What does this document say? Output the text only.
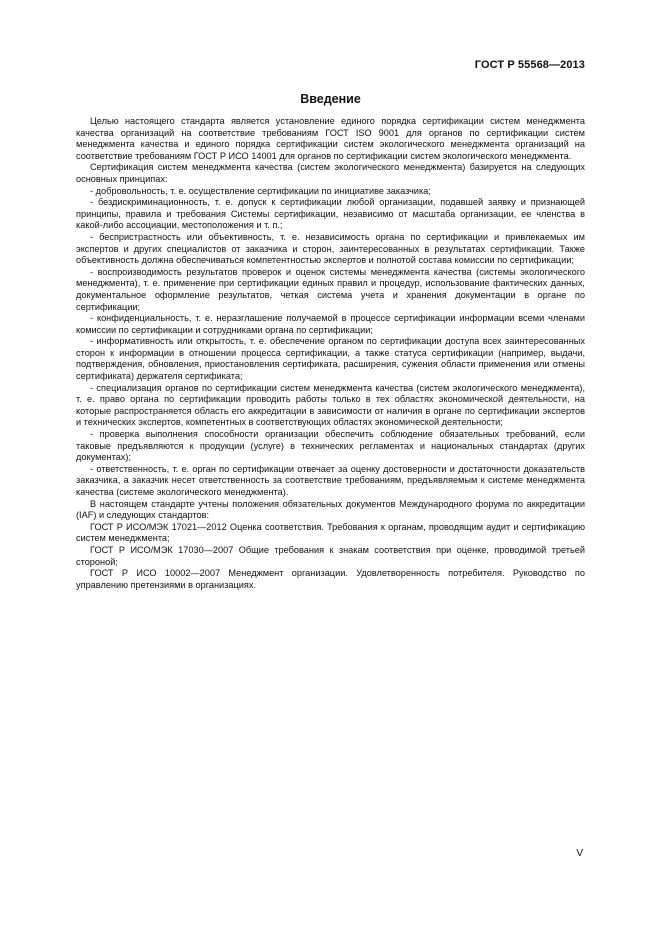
ГОСТ Р 55568—2013
Введение

Целью настоящего стандарта является установление единого порядка сертификации систем менеджмента качества организаций на соответствие требованиям ГОСТ ISO 9001 для органов по сертификации систем менеджмента качества и единого порядка сертификации систем экологического менеджмента организаций на соответствие требованиям ГОСТ Р ИСО 14001 для органов по сертификации систем экологического менеджмента.

Сертификация систем менеджмента качества (систем экологического менеджмента) базируется на следующих основных принципах:

- добровольность, т. е. осуществление сертификации по инициативе заказчика;

- бездискриминационность, т. е. допуск к сертификации любой организации, подавшей заявку и признающей принципы, правила и требования Системы сертификации, независимо от масштаба организации, ее членства в какой-либо ассоциации, местоположения и т. п.;

- беспристрастность или объективность, т. е. независимость органа по сертификации и привлекаемых им экспертов и других специалистов от заказчика и сторон, заинтересованных в результатах сертификации. Также объективность должна обеспечиваться компетентностью экспертов и полнотой состава комиссии по сертификации;

- воспроизводимость результатов проверок и оценок системы менеджмента качества (системы экологического менеджмента), т. е. применение при сертификации единых правил и процедур, использование фактических данных, документальное оформление результатов, четкая система учета и хранения документации в органе по сертификации;

- конфиденциальность, т. е. неразглашение получаемой в процессе сертификации информации всеми членами комиссии по сертификации и сотрудниками органа по сертификации;

- информативность или открытость, т. е. обеспечение органом по сертификации доступа всех заинтересованных сторон к информации в отношении процесса сертификации, а также статуса сертификации (например, выдачи, подтверждения, обновления, приостановления сертификата, расширения, сужения области применения или отмены сертификата) держателя сертификата;

- специализация органов по сертификации систем менеджмента качества (систем экологического менеджмента), т. е. право органа по сертификации проводить работы только в тех областях экономической деятельности, на которые распространяется область его аккредитации в зависимости от наличия в органе по сертификации экспертов и технических экспертов, компетентных в соответствующих областях экономической деятельности;

- проверка выполнения способности организации обеспечить соблюдение обязательных требований, если таковые предъявляются к продукции (услуге) в технических регламентах и национальных стандартах (других документах);

- ответственность, т. е. орган по сертификации отвечает за оценку достоверности и достаточности доказательств заказчика, а заказчик несет ответственность за соответствие требованиям, предъявляемым к системе менеджмента качества (системе экологического менеджмента).

В настоящем стандарте учтены положения обязательных документов Международного форума по аккредитации (IAF) и следующих стандартов:

ГОСТ Р ИСО/МЭК 17021—2012 Оценка соответствия. Требования к органам, проводящим аудит и сертификацию систем менеджмента;

ГОСТ Р ИСО/МЭК 17030—2007 Общие требования к знакам соответствия при оценке, проводимой третьей стороной;

ГОСТ Р ИСО 10002—2007 Менеджмент организации. Удовлетворенность потребителя. Руководство по управлению претензиями в организациях.

V
